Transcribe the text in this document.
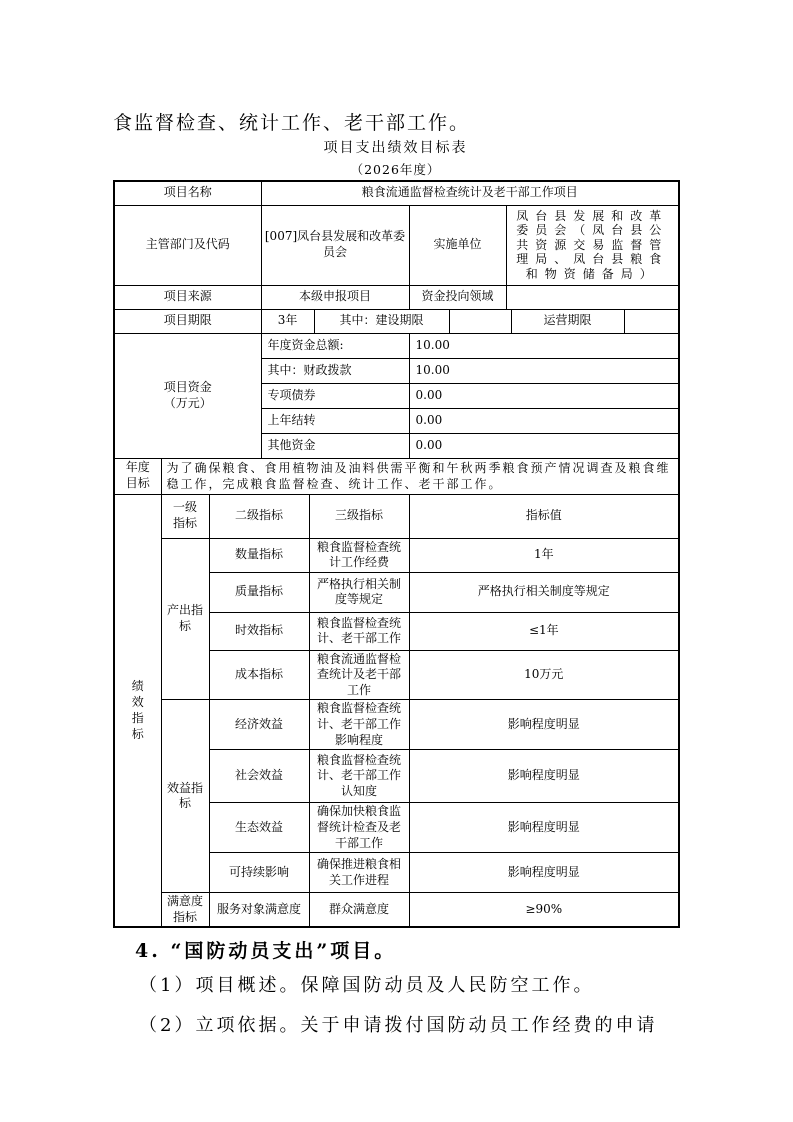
食监督检查、统计工作、老干部工作。
项目支出绩效目标表
（2026年度）
项目名称			粮食流通监督检查统计及老干部工作项目							
主管部门及代码			[007]凤台县发展和改革委员会			实施单位		凤台县发展和改革委员会（凤台县公共资源交易监督管理局、凤台县粮食和物资储备局）		
项目来源			本级申报项目			资金投向领域				
项目期限			3年		其中：建设期限				运营期限	
项目资金（万元）			年度资金总额:			10.00				
			其中：财政拨款			10.00				
			专项债券			0.00				
			上年结转			0.00				
			其他资金			0.00				
年度目标	为了确保粮食、食用植物油及油料供需平衡和午秋两季粮食预产情况调查及粮食维稳工作，完成粮食监督检查、统计工作、老干部工作。									
绩效指标	一级指标	二级指标		三级指标		指标值				
	产出指标	数量指标		粮食监督检查统计工作经费		1年				
		质量指标		严格执行相关制度等规定		严格执行相关制度等规定				
		时效指标		粮食监督检查统计、老干部工作		≤1年				
		成本指标		粮食流通监督检查统计及老干部工作		10万元				
	效益指标	经济效益		粮食监督检查统计、老干部工作影响程度		影响程度明显				
		社会效益		粮食监督检查统计、老干部工作认知度		影响程度明显				
		生态效益		确保加快粮食监督统计检查及老干部工作		影响程度明显				
		可持续影响		确保推进粮食相关工作进程		影响程度明显				
	满意度指标	服务对象满意度		群众满意度		≥90%				
4. “国防动员支出”项目。
（1）项目概述。保障国防动员及人民防空工作。
（2）立项依据。关于申请拨付国防动员工作经费的申请
